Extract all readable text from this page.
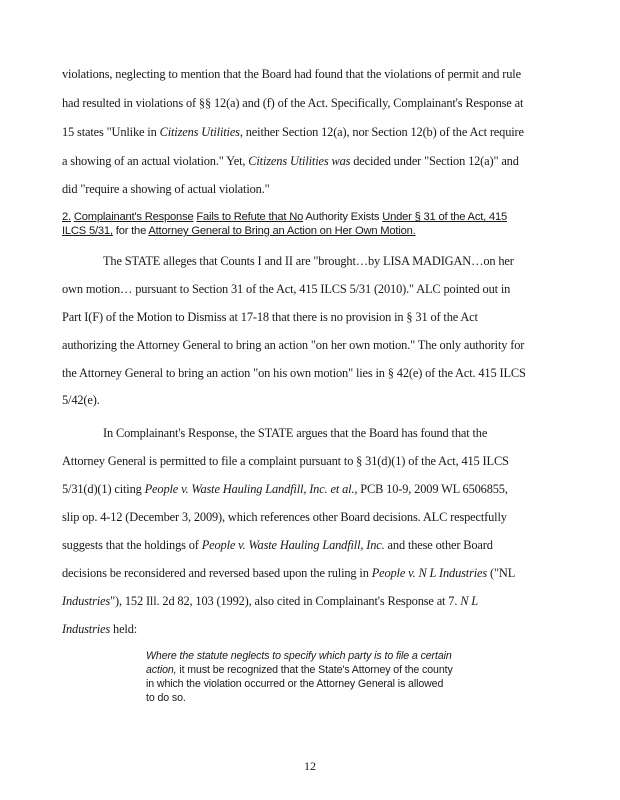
violations, neglecting to mention that the Board had found that the violations of permit and rule
had resulted in violations of §§ 12(a) and (f) of the Act. Specifically, Complainant's Response at
15 states "Unlike in Citizens Utilities, neither Section 12(a), nor Section 12(b) of the Act require
a showing of an actual violation." Yet, Citizens Utilities was decided under "Section 12(a)" and
did "require a showing of actual violation."
2. Complainant's Response Fails to Refute that No Authority Exists Under § 31 of the Act, 415
ILCS 5/31, for the Attorney General to Bring an Action on Her Own Motion.
The STATE alleges that Counts I and II are "brought…by LISA MADIGAN…on her
own motion… pursuant to Section 31 of the Act, 415 ILCS 5/31 (2010)." ALC pointed out in
Part I(F) of the Motion to Dismiss at 17-18 that there is no provision in § 31 of the Act
authorizing the Attorney General to bring an action "on her own motion." The only authority for
the Attorney General to bring an action "on his own motion" lies in § 42(e) of the Act. 415 ILCS
5/42(e).
In Complainant's Response, the STATE argues that the Board has found that the
Attorney General is permitted to file a complaint pursuant to § 31(d)(1) of the Act, 415 ILCS
5/31(d)(1) citing People v. Waste Hauling Landfill, Inc. et al., PCB 10-9, 2009 WL 6506855,
slip op. 4-12 (December 3, 2009), which references other Board decisions. ALC respectfully
suggests that the holdings of People v. Waste Hauling Landfill, Inc. and these other Board
decisions be reconsidered and reversed based upon the ruling in People v. N L Industries ("NL
Industries"), 152 Ill. 2d 82, 103 (1992), also cited in Complainant's Response at 7. N L
Industries held:
Where the statute neglects to specify which party is to file a certain
action, it must be recognized that the State's Attorney of the county
in which the violation occurred or the Attorney General is allowed
to do so.
12
